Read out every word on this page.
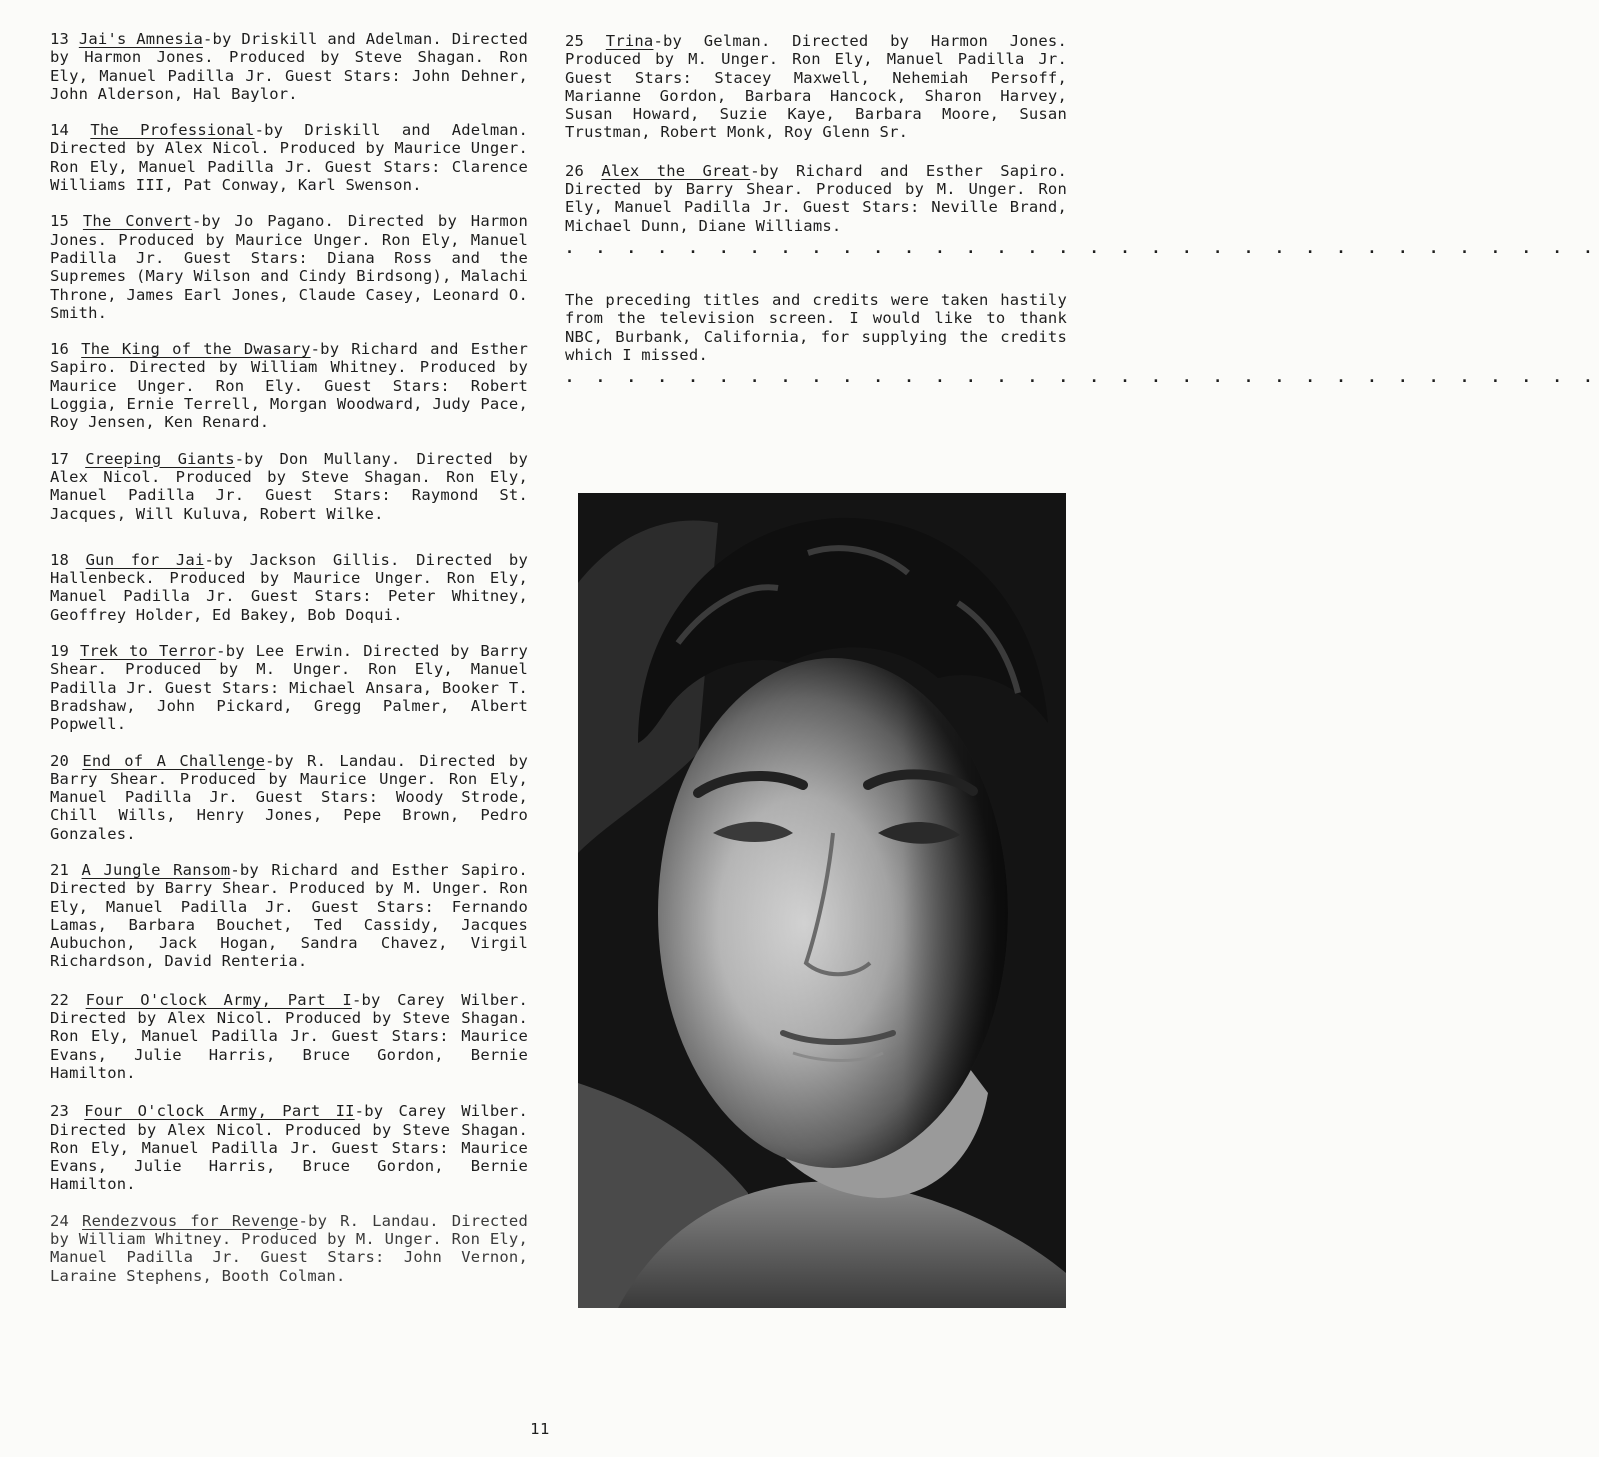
13 Jai's Amnesia-by Driskill and Adelman. Directed by Harmon Jones. Produced by Steve Shagan. Ron Ely, Manuel Padilla Jr. Guest Stars: John Dehner, John Alderson, Hal Baylor.

14 The Professional-by Driskill and Adelman. Directed by Alex Nicol. Produced by Maurice Unger. Ron Ely, Manuel Padilla Jr. Guest Stars: Clarence Williams III, Pat Conway, Karl Swenson.

15 The Convert-by Jo Pagano. Directed by Harmon Jones. Produced by Maurice Unger. Ron Ely, Manuel Padilla Jr. Guest Stars: Diana Ross and the Supremes (Mary Wilson and Cindy Birdsong), Malachi Throne, James Earl Jones, Claude Casey, Leonard O. Smith.

16 The King of the Dwasary-by Richard and Esther Sapiro. Directed by William Whitney. Produced by Maurice Unger. Ron Ely. Guest Stars: Robert Loggia, Ernie Terrell, Morgan Woodward, Judy Pace, Roy Jensen, Ken Renard.

17 Creeping Giants-by Don Mullany. Directed by Alex Nicol. Produced by Steve Shagan. Ron Ely, Manuel Padilla Jr. Guest Stars: Raymond St. Jacques, Will Kuluva, Robert Wilke.

18 Gun for Jai-by Jackson Gillis. Directed by Hallenbeck. Produced by Maurice Unger. Ron Ely, Manuel Padilla Jr. Guest Stars: Peter Whitney, Geoffrey Holder, Ed Bakey, Bob Doqui.

19 Trek to Terror-by Lee Erwin. Directed by Barry Shear. Produced by M. Unger. Ron Ely, Manuel Padilla Jr. Guest Stars: Michael Ansara, Booker T. Bradshaw, John Pickard, Gregg Palmer, Albert Popwell.

20 End of A Challenge-by R. Landau. Directed by Barry Shear. Produced by Maurice Unger. Ron Ely, Manuel Padilla Jr. Guest Stars: Woody Strode, Chill Wills, Henry Jones, Pepe Brown, Pedro Gonzales.

21 A Jungle Ransom-by Richard and Esther Sapiro. Directed by Barry Shear. Produced by M. Unger. Ron Ely, Manuel Padilla Jr. Guest Stars: Fernando Lamas, Barbara Bouchet, Ted Cassidy, Jacques Aubuchon, Jack Hogan, Sandra Chavez, Virgil Richardson, David Renteria.

22 Four O'clock Army, Part I-by Carey Wilber. Directed by Alex Nicol. Produced by Steve Shagan. Ron Ely, Manuel Padilla Jr. Guest Stars: Maurice Evans, Julie Harris, Bruce Gordon, Bernie Hamilton.

23 Four O'clock Army, Part II-by Carey Wilber. Directed by Alex Nicol. Produced by Steve Shagan. Ron Ely, Manuel Padilla Jr. Guest Stars: Maurice Evans, Julie Harris, Bruce Gordon, Bernie Hamilton.

24 Rendezvous for Revenge-by R. Landau. Directed by William Whitney. Produced by M. Unger. Ron Ely, Manuel Padilla Jr. Guest Stars: John Vernon, Laraine Stephens, Booth Colman.

25 Trina-by Gelman. Directed by Harmon Jones. Produced by M. Unger. Ron Ely, Manuel Padilla Jr. Guest Stars: Stacey Maxwell, Nehemiah Persoff, Marianne Gordon, Barbara Hancock, Sharon Harvey, Susan Howard, Suzie Kaye, Barbara Moore, Susan Trustman, Robert Monk, Roy Glenn Sr.

26 Alex the Great-by Richard and Esther Sapiro. Directed by Barry Shear. Produced by M. Unger. Ron Ely, Manuel Padilla Jr. Guest Stars: Neville Brand, Michael Dunn, Diane Williams.

. . . . . . . . . . . . . . . . . . . . . . . . . . . . . . . . . .

The preceding titles and credits were taken hastily from the television screen. I would like to thank NBC, Burbank, California, for supplying the credits which I missed.

. . . . . . . . . . . . . . . . . . . . . . . . . . . . . . . . . .
11
